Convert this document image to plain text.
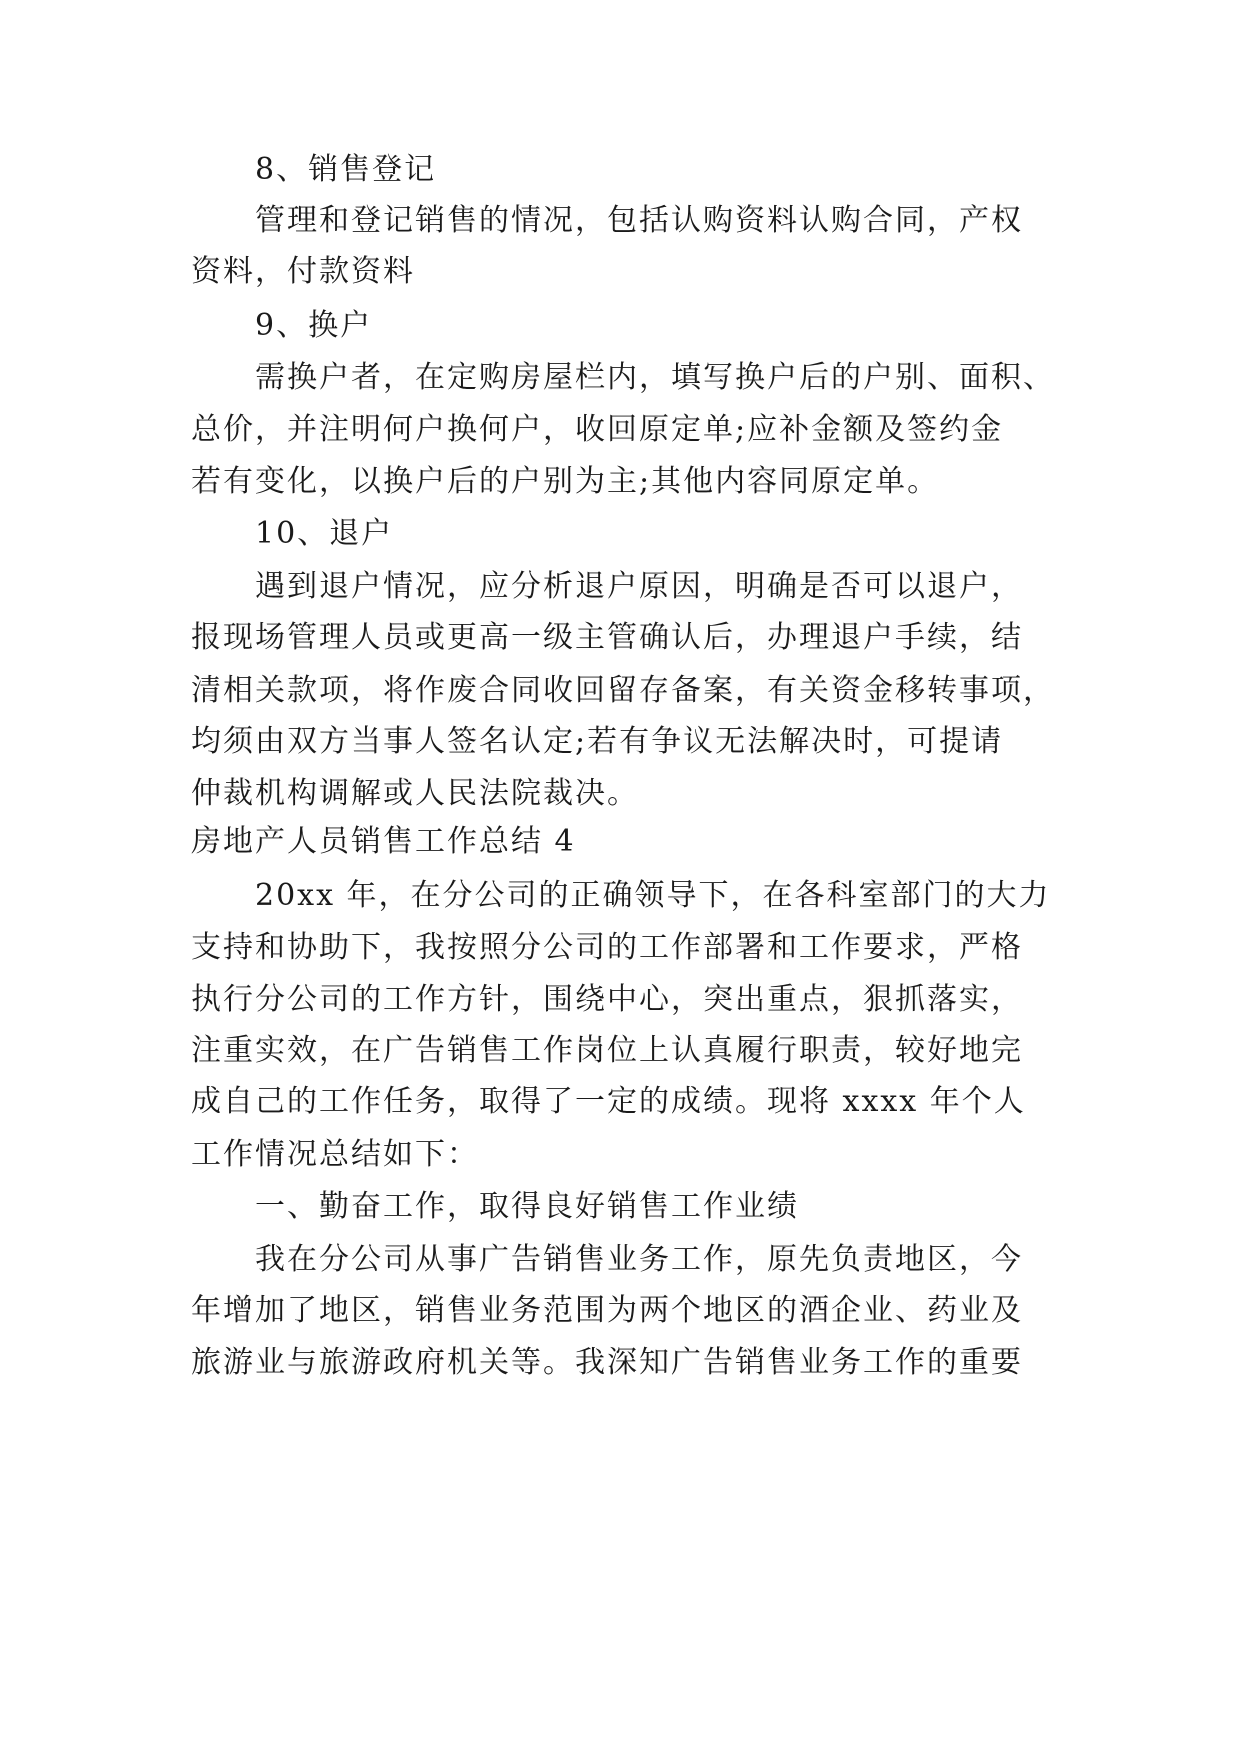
8、销售登记
管理和登记销售的情况，包括认购资料认购合同，产权
资料，付款资料
9、换户
需换户者，在定购房屋栏内，填写换户后的户别、面积、
总价，并注明何户换何户，收回原定单;应补金额及签约金
若有变化，以换户后的户别为主;其他内容同原定单。
10、退户
遇到退户情况，应分析退户原因，明确是否可以退户，
报现场管理人员或更高一级主管确认后，办理退户手续，结
清相关款项，将作废合同收回留存备案，有关资金移转事项，
均须由双方当事人签名认定;若有争议无法解决时，可提请
仲裁机构调解或人民法院裁决。
房地产人员销售工作总结 4
20xx 年，在分公司的正确领导下，在各科室部门的大力
支持和协助下，我按照分公司的工作部署和工作要求，严格
执行分公司的工作方针，围绕中心，突出重点，狠抓落实，
注重实效，在广告销售工作岗位上认真履行职责，较好地完
成自己的工作任务，取得了一定的成绩。现将 xxxx 年个人
工作情况总结如下：
一、勤奋工作，取得良好销售工作业绩
我在分公司从事广告销售业务工作，原先负责地区，今
年增加了地区，销售业务范围为两个地区的酒企业、药业及
旅游业与旅游政府机关等。我深知广告销售业务工作的重要
